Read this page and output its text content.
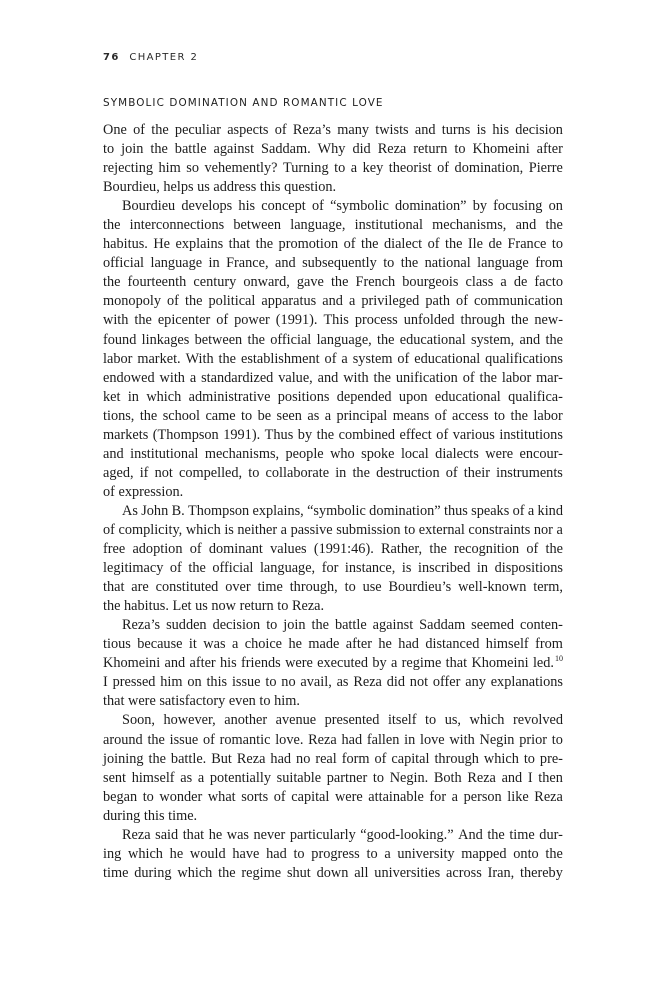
76 CHAPTER 2
SYMBOLIC DOMINATION AND ROMANTIC LOVE
One of the peculiar aspects of Reza’s many twists and turns is his decision
to join the battle against Saddam. Why did Reza return to Khomeini after
rejecting him so vehemently? Turning to a key theorist of domination, Pierre
Bourdieu, helps us address this question.
Bourdieu develops his concept of “symbolic domination” by focusing on
the interconnections between language, institutional mechanisms, and the
habitus. He explains that the promotion of the dialect of the Ile de France to
official language in France, and subsequently to the national language from
the fourteenth century onward, gave the French bourgeois class a de facto
monopoly of the political apparatus and a privileged path of communication
with the epicenter of power (1991). This process unfolded through the new-
found linkages between the official language, the educational system, and the
labor market. With the establishment of a system of educational qualifications
endowed with a standardized value, and with the unification of the labor mar-
ket in which administrative positions depended upon educational qualifica-
tions, the school came to be seen as a principal means of access to the labor
markets (Thompson 1991). Thus by the combined effect of various institutions
and institutional mechanisms, people who spoke local dialects were encour-
aged, if not compelled, to collaborate in the destruction of their instruments
of expression.
As John B. Thompson explains, “symbolic domination” thus speaks of a kind
of complicity, which is neither a passive submission to external constraints nor a
free adoption of dominant values (1991:46). Rather, the recognition of the
legitimacy of the official language, for instance, is inscribed in dispositions
that are constituted over time through, to use Bourdieu’s well-known term,
the habitus. Let us now return to Reza.
Reza’s sudden decision to join the battle against Saddam seemed conten-
tious because it was a choice he made after he had distanced himself from
Khomeini and after his friends were executed by a regime that Khomeini led.$^{10}$
I pressed him on this issue to no avail, as Reza did not offer any explanations
that were satisfactory even to him.
Soon, however, another avenue presented itself to us, which revolved
around the issue of romantic love. Reza had fallen in love with Negin prior to
joining the battle. But Reza had no real form of capital through which to pre-
sent himself as a potentially suitable partner to Negin. Both Reza and I then
began to wonder what sorts of capital were attainable for a person like Reza
during this time.
Reza said that he was never particularly “good-looking.” And the time dur-
ing which he would have had to progress to a university mapped onto the
time during which the regime shut down all universities across Iran, thereby
